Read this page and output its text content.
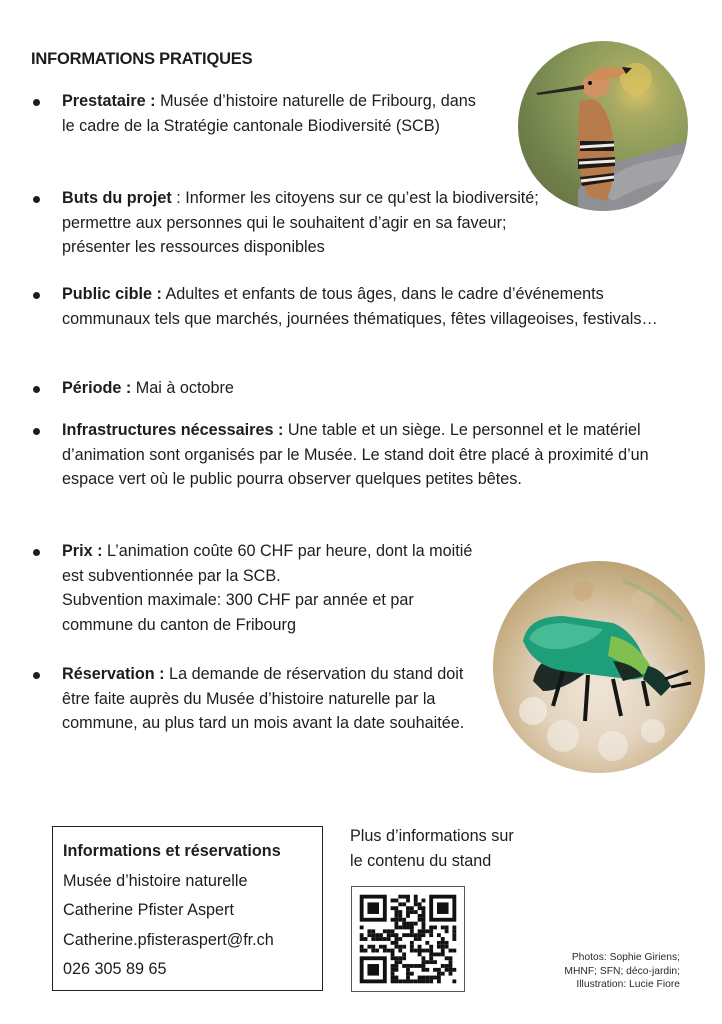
INFORMATIONS PRATIQUES
Prestataire : Musée d’histoire naturelle de Fribourg, dans le cadre de la Stratégie cantonale Biodiversité (SCB)
Buts du projet : Informer les citoyens sur ce qu’est la biodiversité; permettre aux personnes qui le souhaitent d’agir en sa faveur; présenter les ressources disponibles
Public cible : Adultes et enfants de tous âges, dans le cadre d’événements communaux tels que marchés, journées thématiques, fêtes villageoises, festivals…
Période : Mai à octobre
Infrastructures nécessaires : Une table et un siège. Le personnel et le matériel d’animation sont organisés par le Musée. Le stand doit être placé à proximité d’un espace vert où le public pourra observer quelques petites bêtes.
Prix : L’animation coûte 60 CHF par heure, dont la moitié est subventionnée par la SCB.
Subvention maximale: 300 CHF par année et par commune du canton de Fribourg
Réservation : La demande de réservation du stand doit être faite auprès du Musée d’histoire naturelle par la commune, au plus tard un mois avant la date souhaitée.
Informations et réservations
Musée d’histoire naturelle
Catherine Pfister Aspert
Catherine.pfisteraspert@fr.ch
026 305 89 65
Plus d’informations sur
le contenu du stand
Photos: Sophie Giriens;
MHNF; SFN; déco-jardin;
Illustration: Lucie Fiore
